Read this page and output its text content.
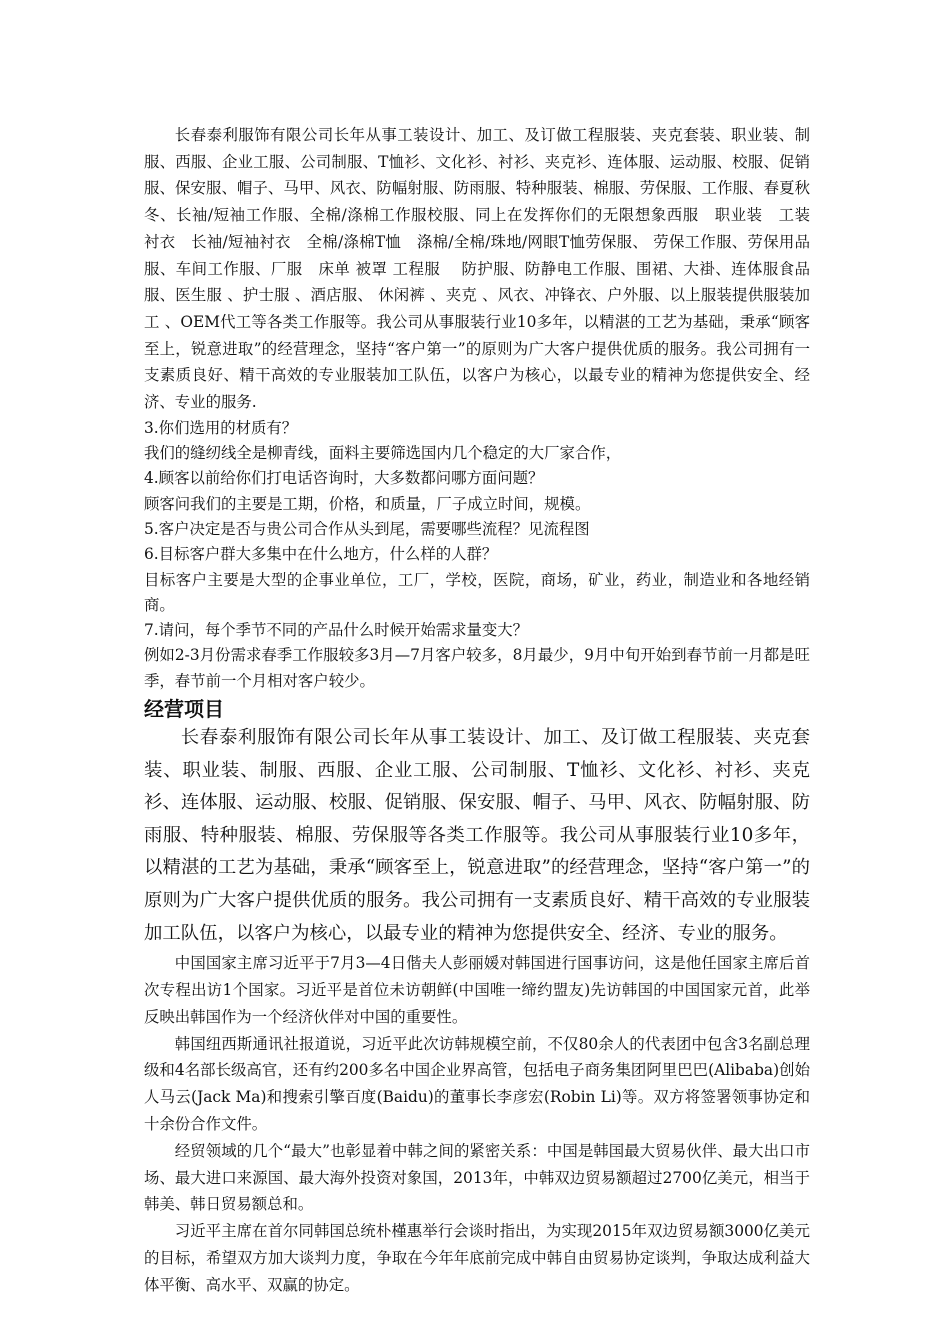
长春泰利服饰有限公司长年从事工装设计、加工、及订做工程服装、夹克套装、职业装、制服、西服、企业工服、公司制服、T恤衫、文化衫、衬衫、夹克衫、连体服、运动服、校服、促销服、保安服、帽子、马甲、风衣、防幅射服、防雨服、特种服装、棉服、劳保服、工作服、春夏秋冬、长袖/短袖工作服、全棉/涤棉工作服校服、同上在发挥你们的无限想象西服　职业装　工装　 衬衣　长袖/短袖衬衣　全棉/涤棉T恤　涤棉/全棉/珠地/网眼T恤劳保服、 劳保工作服、劳保用品服、车间工作服、厂服　床单 被罩 工程服　 防护服、防静电工作服、围裙、大褂、连体服食品服、医生服 、护士服 、酒店服、 休闲裤 、夹克 、风衣、冲锋衣、户外服、以上服装提供服装加工 、OEM代工等各类工作服等。我公司从事服装行业10多年，以精湛的工艺为基础，秉承“顾客至上，锐意进取”的经营理念，坚持“客户第一”的原则为广大客户提供优质的服务。我公司拥有一支素质良好、精干高效的专业服装加工队伍，以客户为核心，以最专业的精神为您提供安全、经济、专业的服务.

3.你们选用的材质有？

我们的缝纫线全是柳青线，面料主要筛选国内几个稳定的大厂家合作，

4.顾客以前给你们打电话咨询时，大多数都问哪方面问题？

顾客问我们的主要是工期，价格，和质量，厂子成立时间，规模。

5.客户决定是否与贵公司合作从头到尾，需要哪些流程？见流程图

6.目标客户群大多集中在什么地方，什么样的人群？

目标客户主要是大型的企事业单位，工厂，学校，医院，商场，矿业，药业，制造业和各地经销商。

7.请问，每个季节不同的产品什么时候开始需求量变大？

例如2-3月份需求春季工作服较多3月—7月客户较多，8月最少，9月中旬开始到春节前一月都是旺季，春节前一个月相对客户较少。

经营项目

长春泰利服饰有限公司长年从事工装设计、加工、及订做工程服装、夹克套装、职业装、制服、西服、企业工服、公司制服、T恤衫、文化衫、衬衫、夹克衫、连体服、运动服、校服、促销服、保安服、帽子、马甲、风衣、防幅射服、防雨服、特种服装、棉服、劳保服等各类工作服等。我公司从事服装行业10多年，以精湛的工艺为基础，秉承“顾客至上，锐意进取”的经营理念，坚持“客户第一”的原则为广大客户提供优质的服务。我公司拥有一支素质良好、精干高效的专业服装加工队伍，以客户为核心，以最专业的精神为您提供安全、经济、专业的服务。

中国国家主席习近平于7月3—4日偕夫人彭丽媛对韩国进行国事访问，这是他任国家主席后首次专程出访1个国家。习近平是首位未访朝鲜(中国唯一缔约盟友)先访韩国的中国国家元首，此举反映出韩国作为一个经济伙伴对中国的重要性。

韩国纽西斯通讯社报道说，习近平此次访韩规模空前，不仅80余人的代表团中包含3名副总理级和4名部长级高官，还有约200多名中国企业界高管，包括电子商务集团阿里巴巴(Alibaba)创始人马云(Jack Ma)和搜索引擎百度(Baidu)的董事长李彦宏(Robin Li)等。双方将签署领事协定和十余份合作文件。

经贸领域的几个“最大”也彰显着中韩之间的紧密关系：中国是韩国最大贸易伙伴、最大出口市场、最大进口来源国、最大海外投资对象国，2013年，中韩双边贸易额超过2700亿美元，相当于韩美、韩日贸易额总和。

习近平主席在首尔同韩国总统朴槿惠举行会谈时指出，为实现2015年双边贸易额3000亿美元的目标，希望双方加大谈判力度，争取在今年年底前完成中韩自由贸易协定谈判，争取达成利益大体平衡、高水平、双赢的协定。
